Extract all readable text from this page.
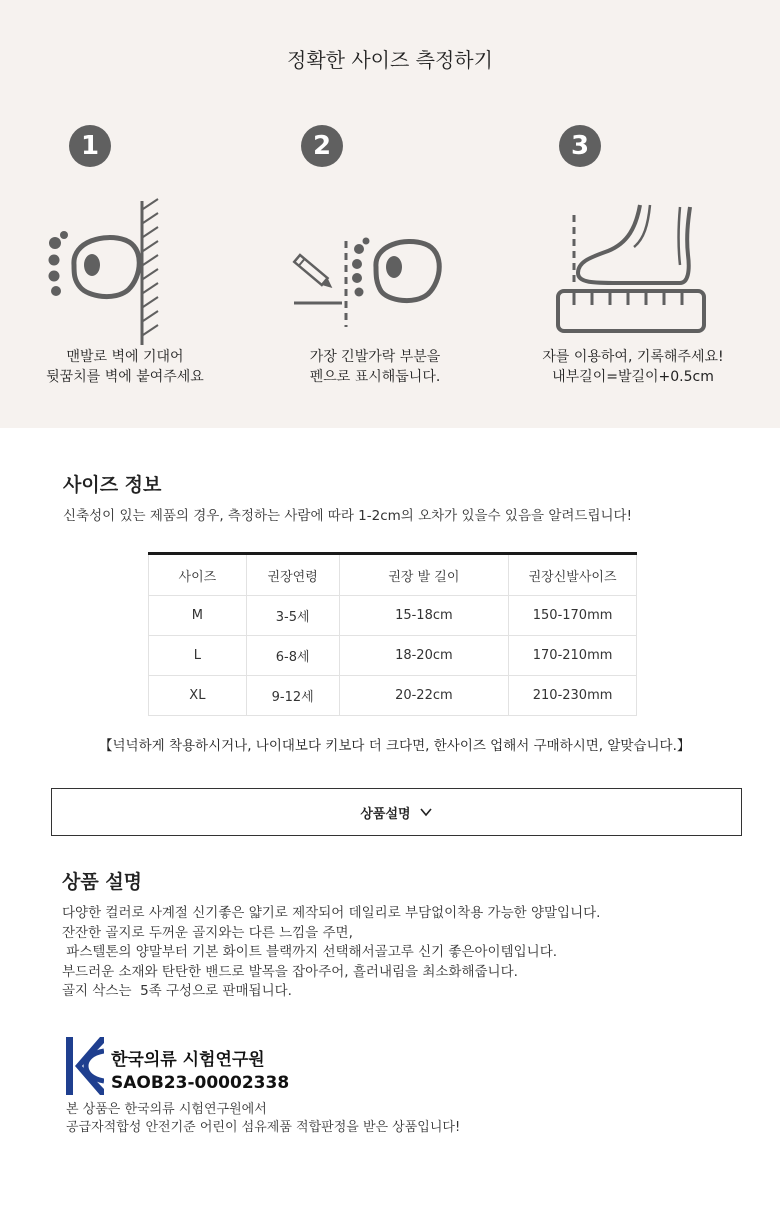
정확한 사이즈 측정하기
1
맨발로 벽에 기대어
뒷꿈치를 벽에 붙여주세요
2
가장 긴발가락 부분을
펜으로 표시해둡니다.
3
자를 이용하여, 기록해주세요!
내부길이=발길이+0.5cm
사이즈 정보
신축성이 있는 제품의 경우, 측정하는 사람에 따라 1-2cm의 오차가 있을수 있음을 알려드립니다!
사이즈	권장연령	권장 발 길이	권장신발사이즈
M	3-5세	15-18cm	150-170mm
L	6-8세	18-20cm	170-210mm
XL	9-12세	20-22cm	210-230mm
【넉넉하게 착용하시거나, 나이대보다 키보다 더 크다면, 한사이즈 업해서 구매하시면, 알맞습니다.】
상품설명
상품 설명
다양한 컬러로 사계절 신기좋은 얇기로 제작되어 데일리로 부담없이착용 가능한 양말입니다.
잔잔한 골지로 두꺼운 골지와는 다른 느낌을 주면,
파스텔톤의 양말부터 기본 화이트 블랙까지 선택해서골고루 신기 좋은아이템입니다.
부드러운 소재와 탄탄한 밴드로 발목을 잡아주어, 흘러내림을 최소화해줍니다.
골지 삭스는  5족 구성으로 판매됩니다.
한국의류 시험연구원
SAOB23-00002338
본 상품은 한국의류 시험연구원에서
공급자적합성 안전기준 어린이 섬유제품 적합판정을 받은 상품입니다!
